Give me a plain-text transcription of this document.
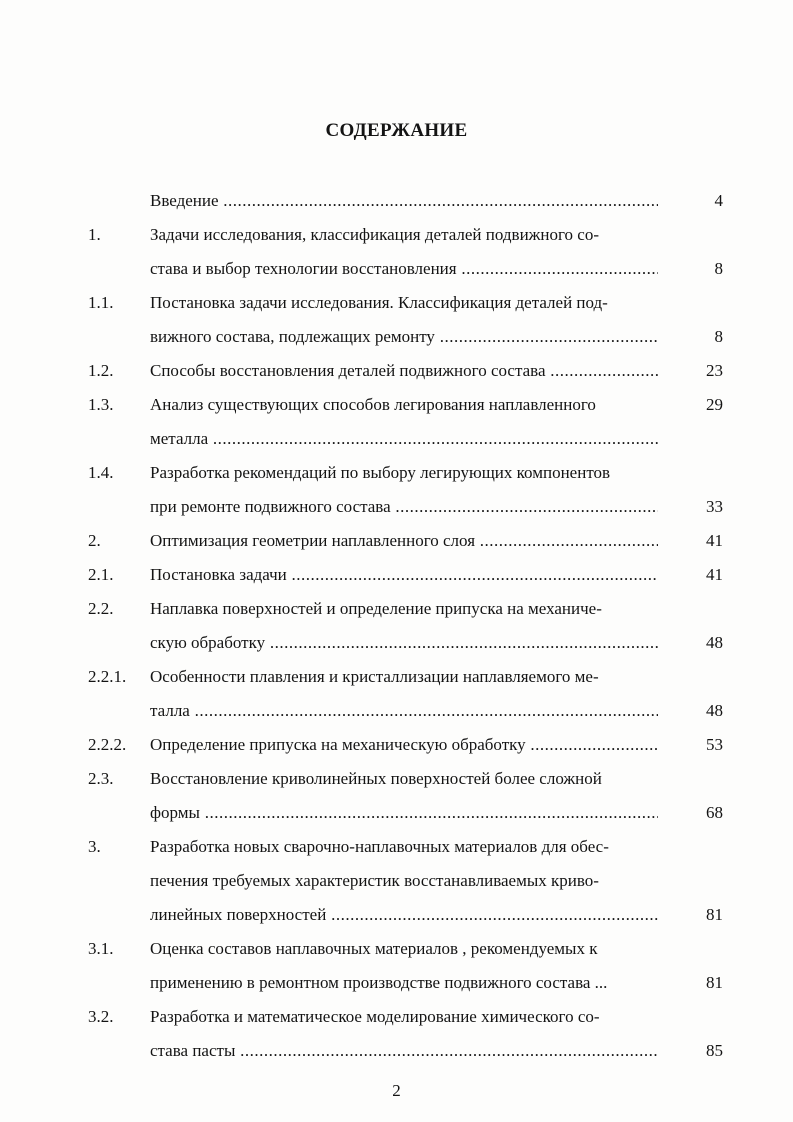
СОДЕРЖАНИЕ
Введение .....	4
1.	Задачи исследования, классификация деталей подвижного со-
става и выбор технологии восстановления .....	8
1.1. Постановка задачи исследования. Классификация деталей под-
вижного состава, подлежащих ремонту .....	8
1.2. Способы восстановления деталей подвижного состава .....	23
1.3. Анализ существующих способов легирования наплавленного	29
металла .....
1.4. Разработка рекомендаций по выбору легирующих компонентов
при ремонте подвижного состава .....	33
2.	Оптимизация геометрии наплавленного слоя .....	41
2.1. Постановка задачи .....	41
2.2. Наплавка поверхностей и определение припуска на механиче-
скую обработку .....	48
2.2.1. Особенности плавления и кристаллизации наплавляемого ме-
талла .....	48
2.2.2. Определение припуска на механическую обработку .....	53
2.3. Восстановление криволинейных поверхностей более сложной
формы .....	68
3.	Разработка новых сварочно-наплавочных материалов для обес-
печения требуемых характеристик восстанавливаемых криво-
линейных поверхностей .....	81
3.1. Оценка составов наплавочных материалов , рекомендуемых к
применению в ремонтном производстве подвижного состава ...	81
3.2. Разработка и математическое моделирование химического со-
става пасты .....	85
2
